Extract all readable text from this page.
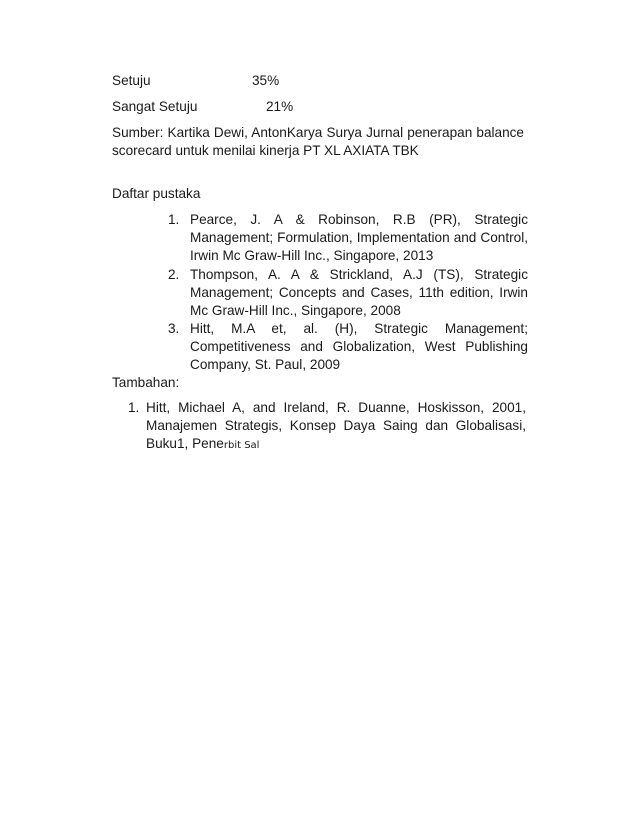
Setuju	35%
Sangat Setuju	21%
Sumber: Kartika Dewi, AntonKarya Surya Jurnal penerapan balance scorecard untuk menilai kinerja PT XL AXIATA TBK
Daftar pustaka
1. Pearce, J. A & Robinson, R.B (PR), Strategic Management; Formulation, Implementation and Control, Irwin Mc Graw-Hill Inc., Singapore, 2013
2. Thompson, A. A & Strickland, A.J (TS), Strategic Management; Concepts and Cases, 11th edition, Irwin Mc Graw-Hill Inc., Singapore, 2008
3. Hitt, M.A et, al. (H), Strategic Management; Competitiveness and Globalization, West Publishing Company, St. Paul, 2009
Tambahan:
1. Hitt, Michael A, and Ireland, R. Duanne, Hoskisson, 2001, Manajemen Strategis, Konsep Daya Saing dan Globalisasi, Buku1, Penerbit Sal
